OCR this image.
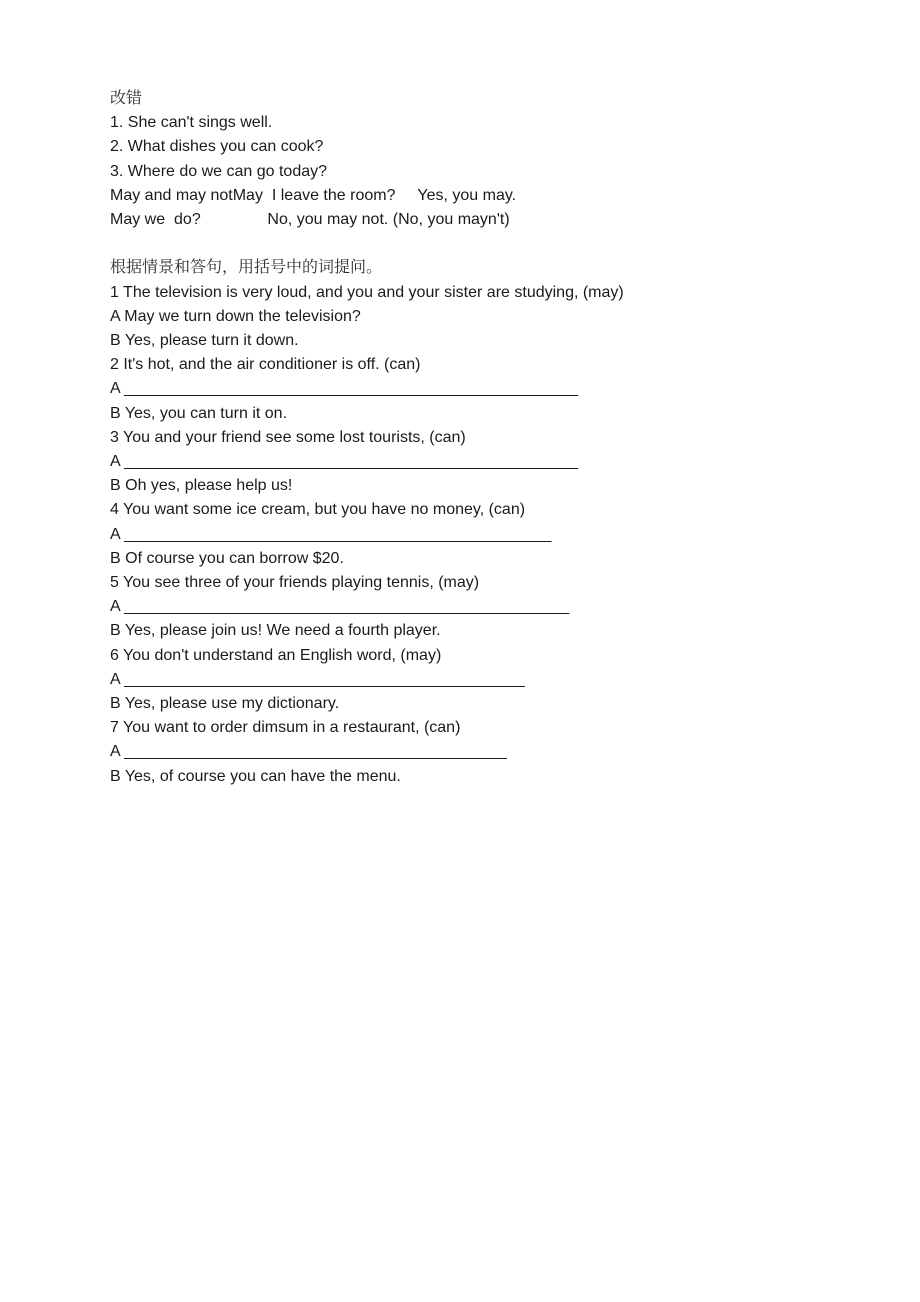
改错
1. She can't sings well.
2. What dishes you can cook?
3. Where do we can go today?
May and may notMay  I leave the room?     Yes, you may.
May we  do?               No, you may not. (No, you mayn't)
根据情景和答句，用括号中的词提问。
1 The television is very loud, and you and your sister are studying, (may)
A May we turn down the television?
B Yes, please turn it down.
2 It's hot, and the air conditioner is off. (can)
A ___________________________________________________
B Yes, you can turn it on.
3 You and your friend see some lost tourists, (can)
A ___________________________________________________
B Oh yes, please help us!
4 You want some ice cream, but you have no money, (can)
A ________________________________________________
B Of course you can borrow $20.
5 You see three of your friends playing tennis, (may)
A __________________________________________________
B Yes, please join us! We need a fourth player.
6 You don't understand an English word, (may)
A _____________________________________________
B Yes, please use my dictionary.
7 You want to order dimsum in a restaurant, (can)
A ___________________________________________
B Yes, of course you can have the menu.
